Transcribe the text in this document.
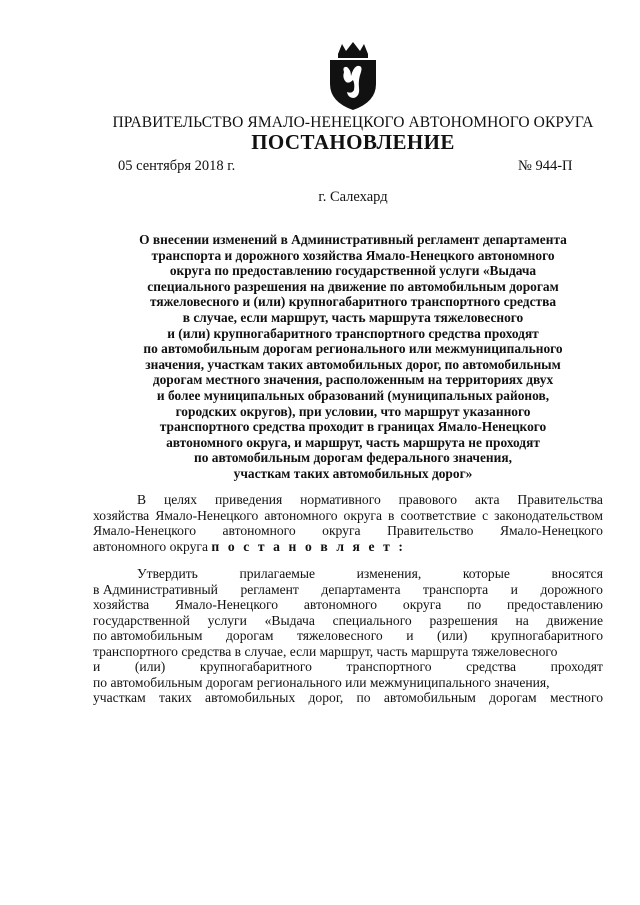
ПРАВИТЕЛЬСТВО ЯМАЛО-НЕНЕЦКОГО АВТОНОМНОГО ОКРУГА
ПОСТАНОВЛЕНИЕ
05 сентября 2018 г.	№ 944-П
г. Салехард
О внесении изменений в Административный регламент департамента
транспорта и дорожного хозяйства Ямало-Ненецкого автономного
округа по предоставлению государственной услуги «Выдача
специального разрешения на движение по автомобильным дорогам
тяжеловесного и (или) крупногабаритного транспортного средства
в случае, если маршрут, часть маршрута тяжеловесного
и (или) крупногабаритного транспортного средства проходят
по автомобильным дорогам регионального или межмуниципального
значения, участкам таких автомобильных дорог, по автомобильным
дорогам местного значения, расположенным на территориях двух
и более муниципальных образований (муниципальных районов,
городских округов), при условии, что маршрут указанного
транспортного средства проходит в границах Ямало-Ненецкого
автономного округа, и маршрут, часть маршрута не проходят
по автомобильным дорогам федерального значения,
участкам таких автомобильных дорог»
В целях приведения нормативного правового акта Правительства
хозяйства Ямало-Ненецкого автономного округа в соответствие с законодательством
Ямало-Ненецкого автономного округа Правительство Ямало-Ненецкого
автономного округа п о с т а н о в л я е т :
Утвердить	прилагаемые	изменения,	которые	вносятся
в Административный регламент департамента транспорта и дорожного
хозяйства Ямало-Ненецкого автономного округа по предоставлению
государственной услуги «Выдача специального разрешения на движение
по автомобильным дорогам тяжеловесного и (или) крупногабаритного
транспортного средства в случае, если маршрут, часть маршрута тяжеловесного
и	(или)	крупногабаритного	транспортного	средства	проходят
по автомобильным дорогам регионального или межмуниципального значения,
участкам таких автомобильных дорог, по автомобильным дорогам местного
